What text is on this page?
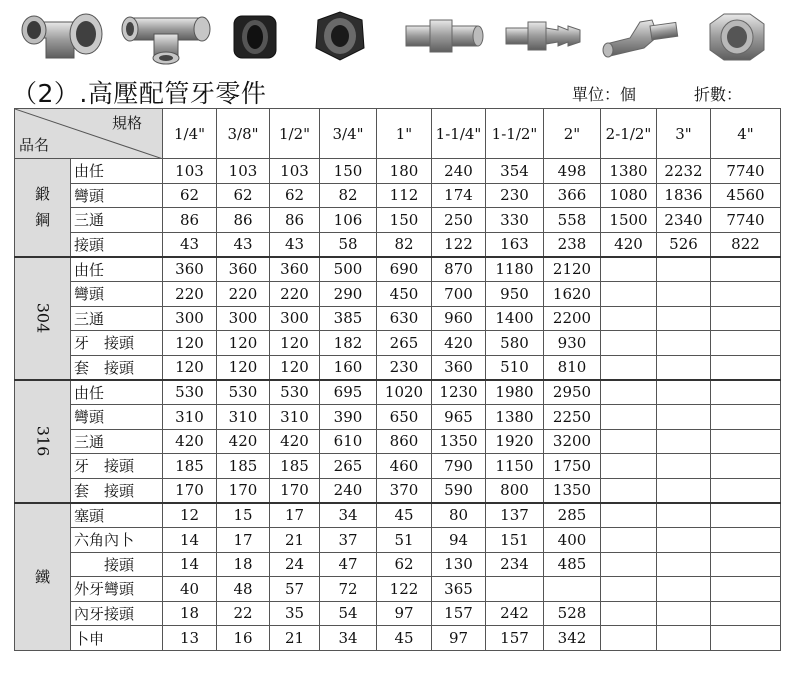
（2）.高壓配管牙零件	單位：個	折數：
規格
品名		1/4"	3/8"	1/2"	3/4"	1"	1-1/4"	1-1/2"	2"	2-1/2"	3"	4"
鍛
鋼	由任	103	103	103	150	180	240	354	498	1380	2232	7740
	彎頭	62	62	62	82	112	174	230	366	1080	1836	4560
	三通	86	86	86	106	150	250	330	558	1500	2340	7740
	接頭	43	43	43	58	82	122	163	238	420	526	822
304	由任	360	360	360	500	690	870	1180	2120			
	彎頭	220	220	220	290	450	700	950	1620			
	三通	300	300	300	385	630	960	1400	2200			
	牙　接頭	120	120	120	182	265	420	580	930			
	套　接頭	120	120	120	160	230	360	510	810			
316	由任	530	530	530	695	1020	1230	1980	2950			
	彎頭	310	310	310	390	650	965	1380	2250			
	三通	420	420	420	610	860	1350	1920	3200			
	牙　接頭	185	185	185	265	460	790	1150	1750			
	套　接頭	170	170	170	240	370	590	800	1350			
鐵	塞頭	12	15	17	34	45	80	137	285			
	六角內卜	14	17	21	37	51	94	151	400			
	　　接頭	14	18	24	47	62	130	234	485			
	外牙彎頭	40	48	57	72	122	365					
	內牙接頭	18	22	35	54	97	157	242	528			
	卜申	13	16	21	34	45	97	157	342			
